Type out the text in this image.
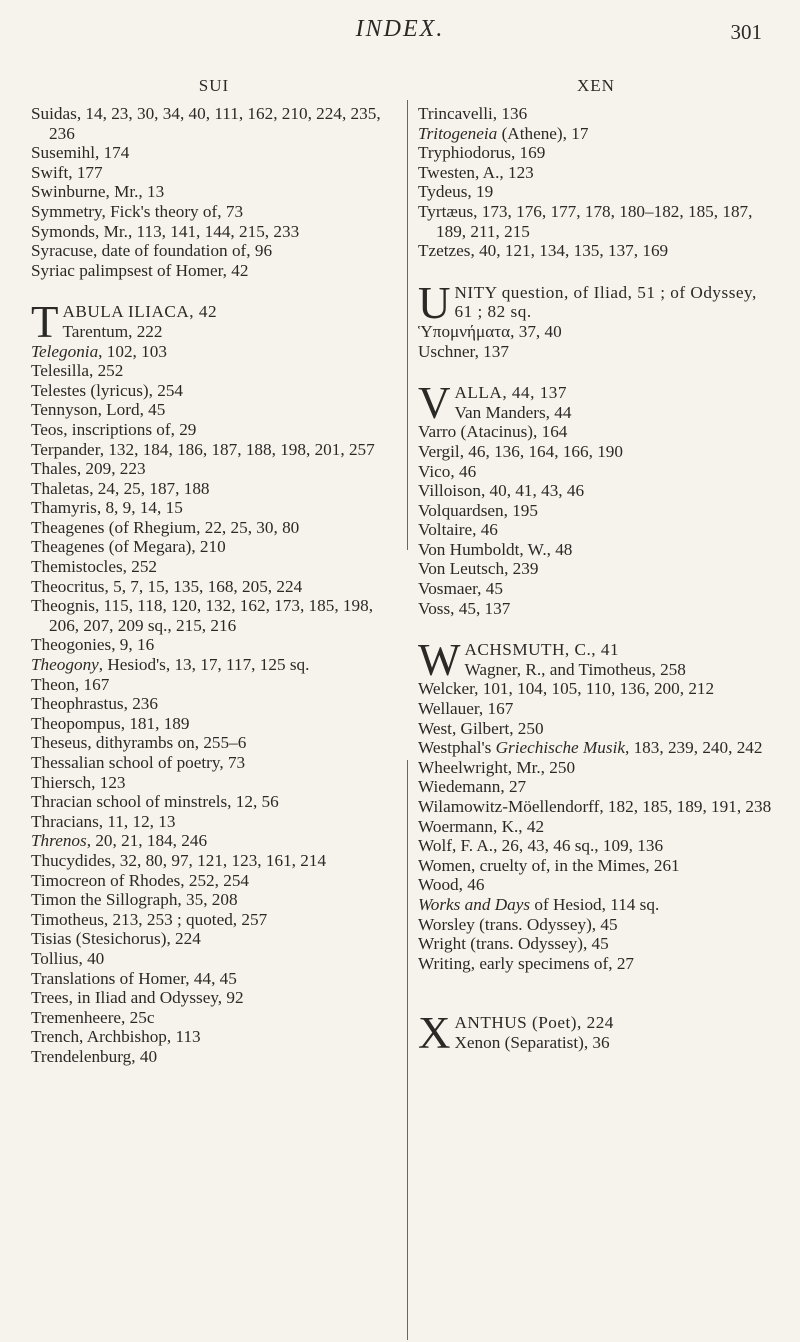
INDEX.	301
SUI
Suidas, 14, 23, 30, 34, 40, 111, 162, 210, 224, 235, 236
Susemihl, 174
Swift, 177
Swinburne, Mr., 13
Symmetry, Fick's theory of, 73
Symonds, Mr., 113, 141, 144, 215, 233
Syracuse, date of foundation of, 96
Syriac palimpsest of Homer, 42
TABULA ILIACA, 42
Tarentum, 222
Telegonia, 102, 103
Telesilla, 252
Telestes (lyricus), 254
Tennyson, Lord, 45
Teos, inscriptions of, 29
Terpander, 132, 184, 186, 187, 188, 198, 201, 257
Thales, 209, 223
Thaletas, 24, 25, 187, 188
Thamyris, 8, 9, 14, 15
Theagenes (of Rhegium, 22, 25, 30, 80
Theagenes (of Megara), 210
Themistocles, 252
Theocritus, 5, 7, 15, 135, 168, 205, 224
Theognis, 115, 118, 120, 132, 162, 173, 185, 198, 206, 207, 209 sq., 215, 216
Theogonies, 9, 16
Theogony, Hesiod's, 13, 17, 117, 125 sq.
Theon, 167
Theophrastus, 236
Theopompus, 181, 189
Theseus, dithyrambs on, 255–6
Thessalian school of poetry, 73
Thiersch, 123
Thracian school of minstrels, 12, 56
Thracians, 11, 12, 13
Threnos, 20, 21, 184, 246
Thucydides, 32, 80, 97, 121, 123, 161, 214
Timocreon of Rhodes, 252, 254
Timon the Sillograph, 35, 208
Timotheus, 213, 253 ; quoted, 257
Tisias (Stesichorus), 224
Tollius, 40
Translations of Homer, 44, 45
Trees, in Iliad and Odyssey, 92
Tremenheere, 25c
Trench, Archbishop, 113
Trendelenburg, 40
XEN
Trincavelli, 136
Tritogeneia (Athene), 17
Tryphiodorus, 169
Twesten, A., 123
Tydeus, 19
Tyrtæus, 173, 176, 177, 178, 180–182, 185, 187, 189, 211, 215
Tzetzes, 40, 121, 134, 135, 137, 169
UNITY question, of Iliad, 51 ; of Odyssey, 61 ; 82 sq.
Ὑπομνήματα, 37, 40
Uschner, 137
VALLA, 44, 137
Van Manders, 44
Varro (Atacinus), 164
Vergil, 46, 136, 164, 166, 190
Vico, 46
Villoison, 40, 41, 43, 46
Volquardsen, 195
Voltaire, 46
Von Humboldt, W., 48
Von Leutsch, 239
Vosmaer, 45
Voss, 45, 137
WACHSMUTH, C., 41
Wagner, R., and Timotheus, 258
Welcker, 101, 104, 105, 110, 136, 200, 212
Wellauer, 167
West, Gilbert, 250
Westphal's Griechische Musik, 183, 239, 240, 242
Wheelwright, Mr., 250
Wiedemann, 27
Wilamowitz-Möellendorff, 182, 185, 189, 191, 238
Woermann, K., 42
Wolf, F. A., 26, 43, 46 sq., 109, 136
Women, cruelty of, in the Mimes, 261
Wood, 46
Works and Days of Hesiod, 114 sq.
Worsley (trans. Odyssey), 45
Wright (trans. Odyssey), 45
Writing, early specimens of, 27
XANTHUS (Poet), 224
Xenon (Separatist), 36
